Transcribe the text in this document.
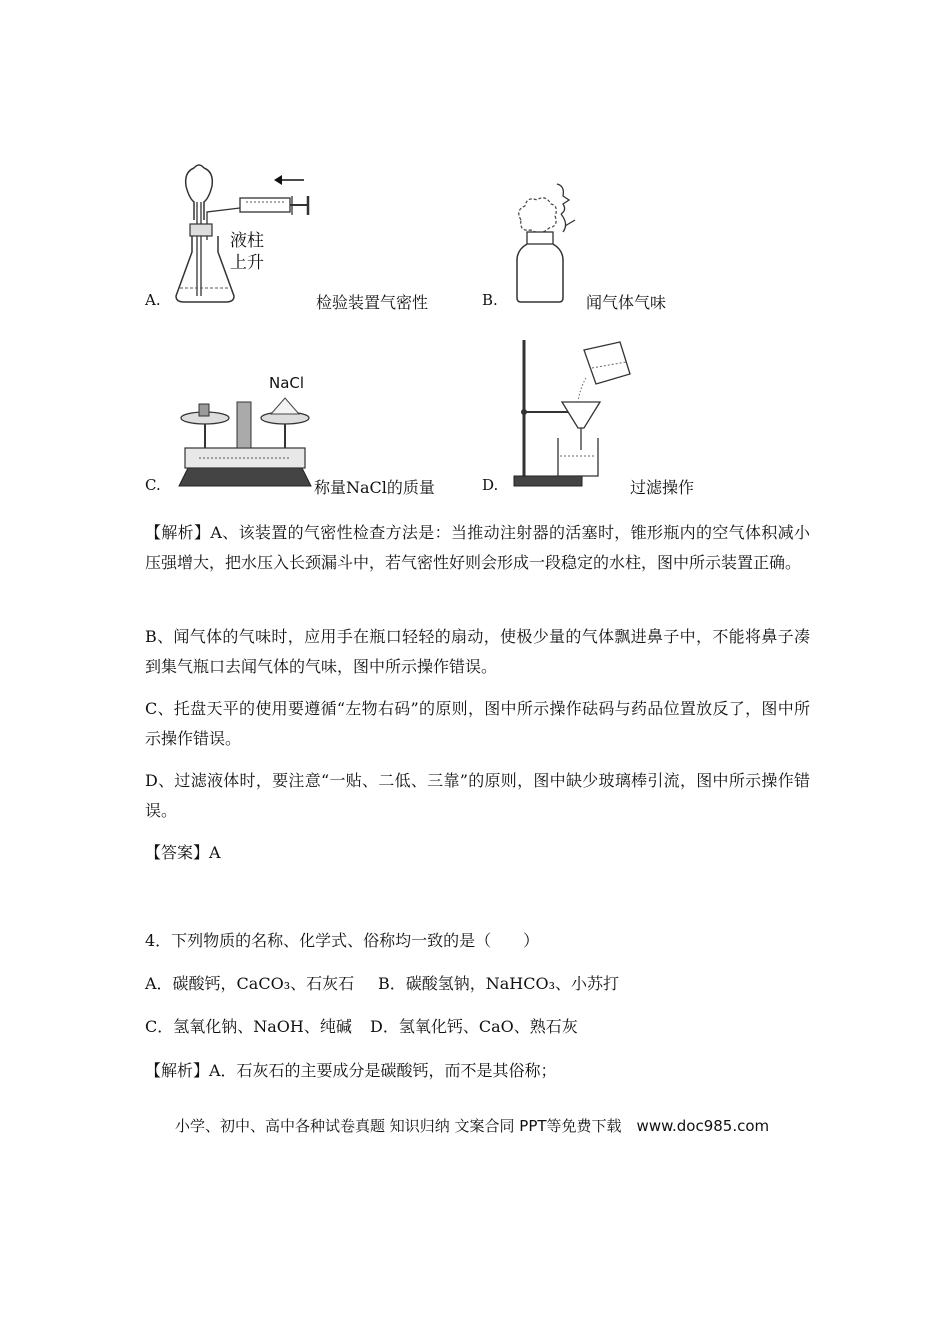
液柱
上升
A.	检验装置气密性	B.	闻气体气味
NaCl
C.	称量NaCl的质量	D.	过滤操作
【解析】A、该装置的气密性检查方法是：当推动注射器的活塞时，锥形瓶内的空气体积减小压强增大，把水压入长颈漏斗中，若气密性好则会形成一段稳定的水柱，图中所示装置正确。
B、闻气体的气味时，应用手在瓶口轻轻的扇动，使极少量的气体飘进鼻子中，不能将鼻子凑到集气瓶口去闻气体的气味，图中所示操作错误。
C、托盘天平的使用要遵循“左物右码”的原则，图中所示操作砝码与药品位置放反了，图中所示操作错误。
D、过滤液体时，要注意“一贴、二低、三靠”的原则，图中缺少玻璃棒引流，图中所示操作错误。
【答案】A
4．下列物质的名称、化学式、俗称均一致的是（　　）
A．碳酸钙，CaCO₃、石灰石 B．碳酸氢钠，NaHCO₃、小苏打
C．氢氧化钠、NaOH、纯碱 D．氢氧化钙、CaO、熟石灰
【解析】A．石灰石的主要成分是碳酸钙，而不是其俗称；
小学、初中、高中各种试卷真题 知识归纳 文案合同 PPT等免费下载　www.doc985.com
